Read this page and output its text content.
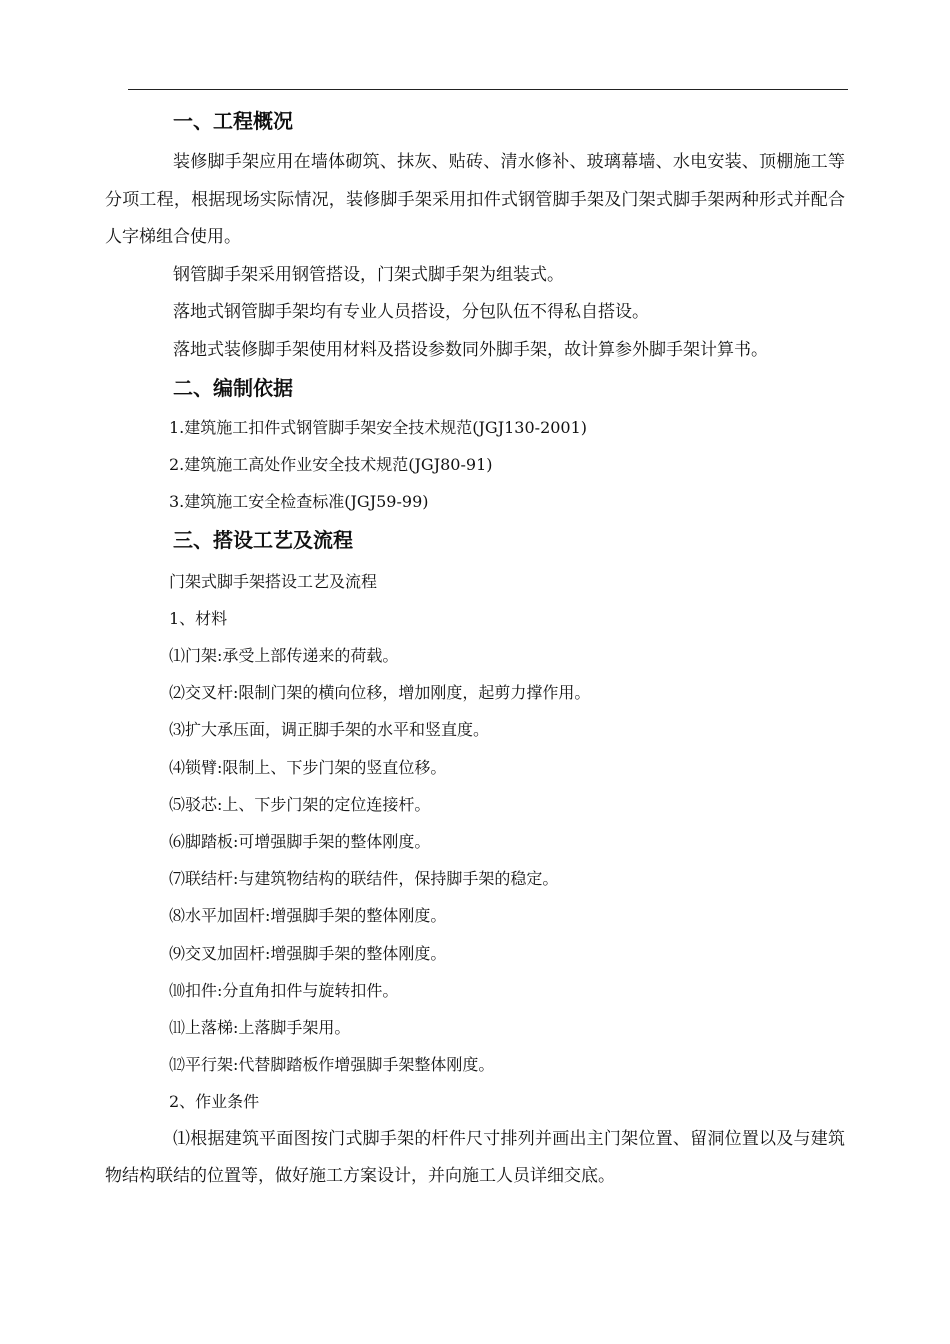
一、工程概况

装修脚手架应用在墙体砌筑、抹灰、贴砖、清水修补、玻璃幕墙、水电安装、顶棚施工等分项工程，根据现场实际情况，装修脚手架采用扣件式钢管脚手架及门架式脚手架两种形式并配合人字梯组合使用。

钢管脚手架采用钢管搭设，门架式脚手架为组装式。

落地式钢管脚手架均有专业人员搭设，分包队伍不得私自搭设。

落地式装修脚手架使用材料及搭设参数同外脚手架，故计算参外脚手架计算书。

二、编制依据

1.建筑施工扣件式钢管脚手架安全技术规范(JGJ130-2001)

2.建筑施工高处作业安全技术规范(JGJ80-91)

3.建筑施工安全检查标准(JGJ59-99)

三、搭设工艺及流程

门架式脚手架搭设工艺及流程

1、材料

⑴门架:承受上部传递来的荷载。

⑵交叉杆:限制门架的横向位移，增加刚度，起剪力撑作用。

⑶扩大承压面，调正脚手架的水平和竖直度。

⑷锁臂:限制上、下步门架的竖直位移。

⑸驳芯:上、下步门架的定位连接杆。

⑹脚踏板:可增强脚手架的整体刚度。

⑺联结杆:与建筑物结构的联结件，保持脚手架的稳定。

⑻水平加固杆:增强脚手架的整体刚度。

⑼交叉加固杆:增强脚手架的整体刚度。

⑽扣件:分直角扣件与旋转扣件。

⑾上落梯:上落脚手架用。

⑿平行架:代替脚踏板作增强脚手架整体刚度。

2、作业条件

⑴根据建筑平面图按门式脚手架的杆件尺寸排列并画出主门架位置、留洞位置以及与建筑物结构联结的位置等，做好施工方案设计，并向施工人员详细交底。
